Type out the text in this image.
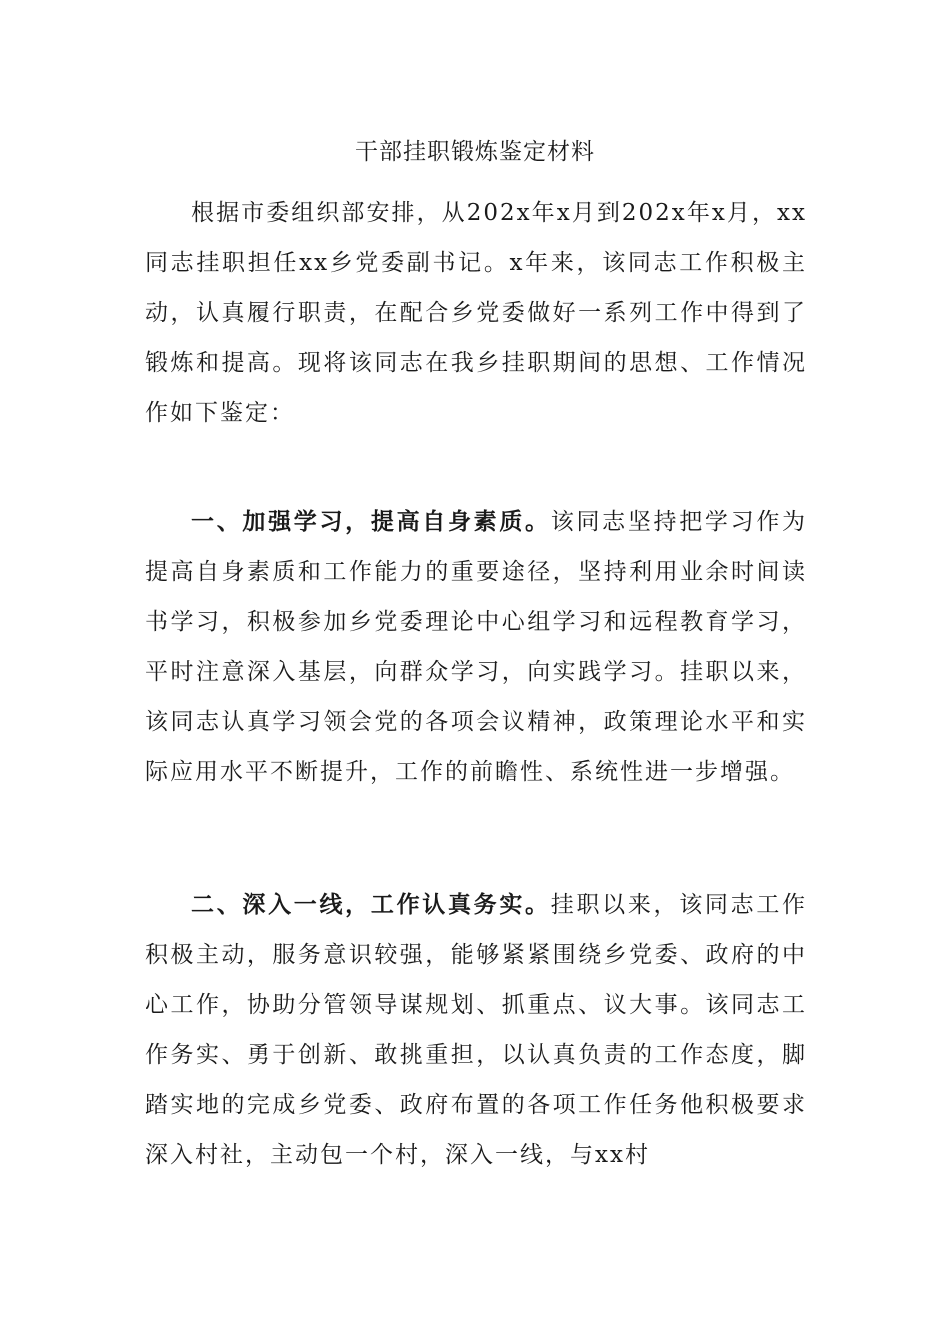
干部挂职锻炼鉴定材料

根据市委组织部安排，从202x年x月到202x年x月，xx同志挂职担任xx乡党委副书记。x年来，该同志工作积极主动，认真履行职责，在配合乡党委做好一系列工作中得到了锻炼和提高。现将该同志在我乡挂职期间的思想、工作情况作如下鉴定：

一、加强学习，提高自身素质。该同志坚持把学习作为提高自身素质和工作能力的重要途径，坚持利用业余时间读书学习，积极参加乡党委理论中心组学习和远程教育学习，平时注意深入基层，向群众学习，向实践学习。挂职以来，该同志认真学习领会党的各项会议精神，政策理论水平和实际应用水平不断提升，工作的前瞻性、系统性进一步增强。

二、深入一线，工作认真务实。挂职以来，该同志工作积极主动，服务意识较强，能够紧紧围绕乡党委、政府的中心工作，协助分管领导谋规划、抓重点、议大事。该同志工作务实、勇于创新、敢挑重担，以认真负责的工作态度，脚踏实地的完成乡党委、政府布置的各项工作任务他积极要求深入村社，主动包一个村，深入一线，与xx村
